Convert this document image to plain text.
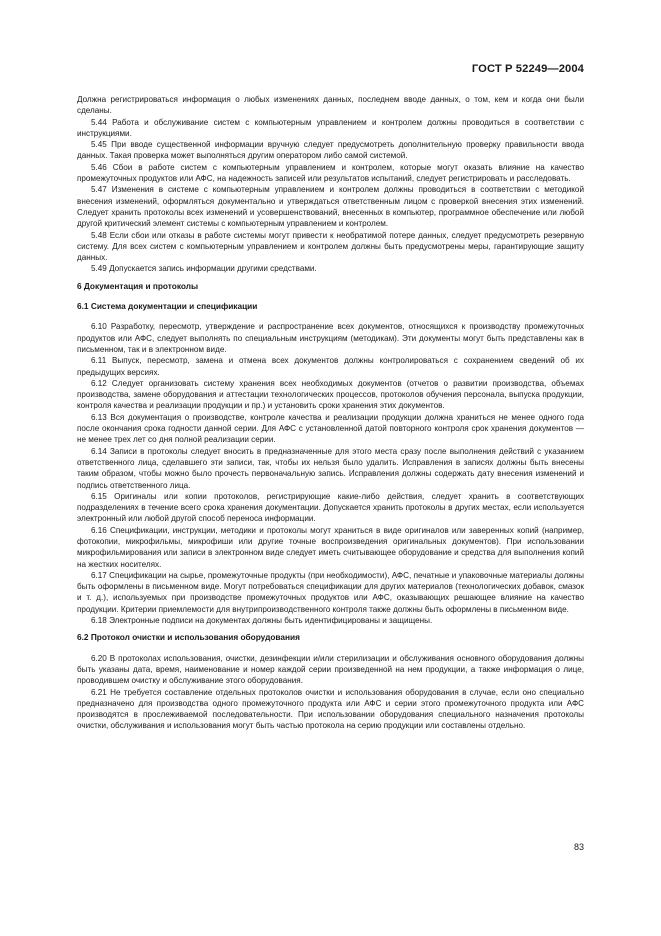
ГОСТ Р 52249—2004

Должна регистрироваться информация о любых изменениях данных, последнем вводе данных, о том, кем и когда они были сделаны.

5.44 Работа и обслуживание систем с компьютерным управлением и контролем должны проводиться в соответствии с инструкциями.

5.45 При вводе существенной информации вручную следует предусмотреть дополнительную проверку правильности ввода данных. Такая проверка может выполняться другим оператором либо самой системой.

5.46 Сбои в работе систем с компьютерным управлением и контролем, которые могут оказать влияние на качество промежуточных продуктов или АФС, на надежность записей или результатов испытаний, следует регистрировать и расследовать.

5.47 Изменения в системе с компьютерным управлением и контролем должны проводиться в соответствии с методикой внесения изменений, оформляться документально и утверждаться ответственным лицом с проверкой внесения этих изменений. Следует хранить протоколы всех изменений и усовершенствований, внесенных в компьютер, программное обеспечение или любой другой критический элемент системы с компьютерным управлением и контролем.

5.48 Если сбои или отказы в работе системы могут привести к необратимой потере данных, следует предусмотреть резервную систему. Для всех систем с компьютерным управлением и контролем должны быть предусмотрены меры, гарантирующие защиту данных.

5.49 Допускается запись информации другими средствами.

6 Документация и протоколы

6.1 Система документации и спецификации

6.10 Разработку, пересмотр, утверждение и распространение всех документов, относящихся к производству промежуточных продуктов или АФС, следует выполнять по специальным инструкциям (методикам). Эти документы могут быть представлены как в письменном, так и в электронном виде.

6.11 Выпуск, пересмотр, замена и отмена всех документов должны контролироваться с сохранением сведений об их предыдущих версиях.

6.12 Следует организовать систему хранения всех необходимых документов (отчетов о развитии производства, объемах производства, замене оборудования и аттестации технологических процессов, протоколов обучения персонала, выпуска продукции, контроля качества и реализации продукции и пр.) и установить сроки хранения этих документов.

6.13 Вся документация о производстве, контроле качества и реализации продукции должна храниться не менее одного года после окончания срока годности данной серии. Для АФС с установленной датой повторного контроля срок хранения документов — не менее трех лет со дня полной реализации серии.

6.14 Записи в протоколы следует вносить в предназначенные для этого места сразу после выполнения действий с указанием ответственного лица, сделавшего эти записи, так, чтобы их нельзя было удалить. Исправления в записях должны быть внесены таким образом, чтобы можно было прочесть первоначальную запись. Исправления должны содержать дату внесения изменений и подпись ответственного лица.

6.15 Оригиналы или копии протоколов, регистрирующие какие-либо действия, следует хранить в соответствующих подразделениях в течение всего срока хранения документации. Допускается хранить протоколы в других местах, если используется электронный или любой другой способ переноса информации.

6.16 Спецификации, инструкции, методики и протоколы могут храниться в виде оригиналов или заверенных копий (например, фотокопии, микрофильмы, микрофиши или другие точные воспроизведения оригинальных документов). При использовании микрофильмирования или записи в электронном виде следует иметь считывающее оборудование и средства для выполнения копий на жестких носителях.

6.17 Спецификации на сырье, промежуточные продукты (при необходимости), АФС, печатные и упаковочные материалы должны быть оформлены в письменном виде. Могут потребоваться спецификации для других материалов (технологических добавок, смазок и т. д.), используемых при производстве промежуточных продуктов или АФС, оказывающих решающее влияние на качество продукции. Критерии приемлемости для внутрипроизводственного контроля также должны быть оформлены в письменном виде.

6.18 Электронные подписи на документах должны быть идентифицированы и защищены.

6.2 Протокол очистки и использования оборудования

6.20 В протоколах использования, очистки, дезинфекции и/или стерилизации и обслуживания основного оборудования должны быть указаны дата, время, наименование и номер каждой серии произведенной на нем продукции, а также информация о лице, проводившем очистку и обслуживание этого оборудования.

6.21 Не требуется составление отдельных протоколов очистки и использования оборудования в случае, если оно специально предназначено для производства одного промежуточного продукта или АФС и серии этого промежуточного продукта или АФС производятся в прослеживаемой последовательности. При использовании оборудования специального назначения протоколы очистки, обслуживания и использования могут быть частью протокола на серию продукции или составлены отдельно.

83
